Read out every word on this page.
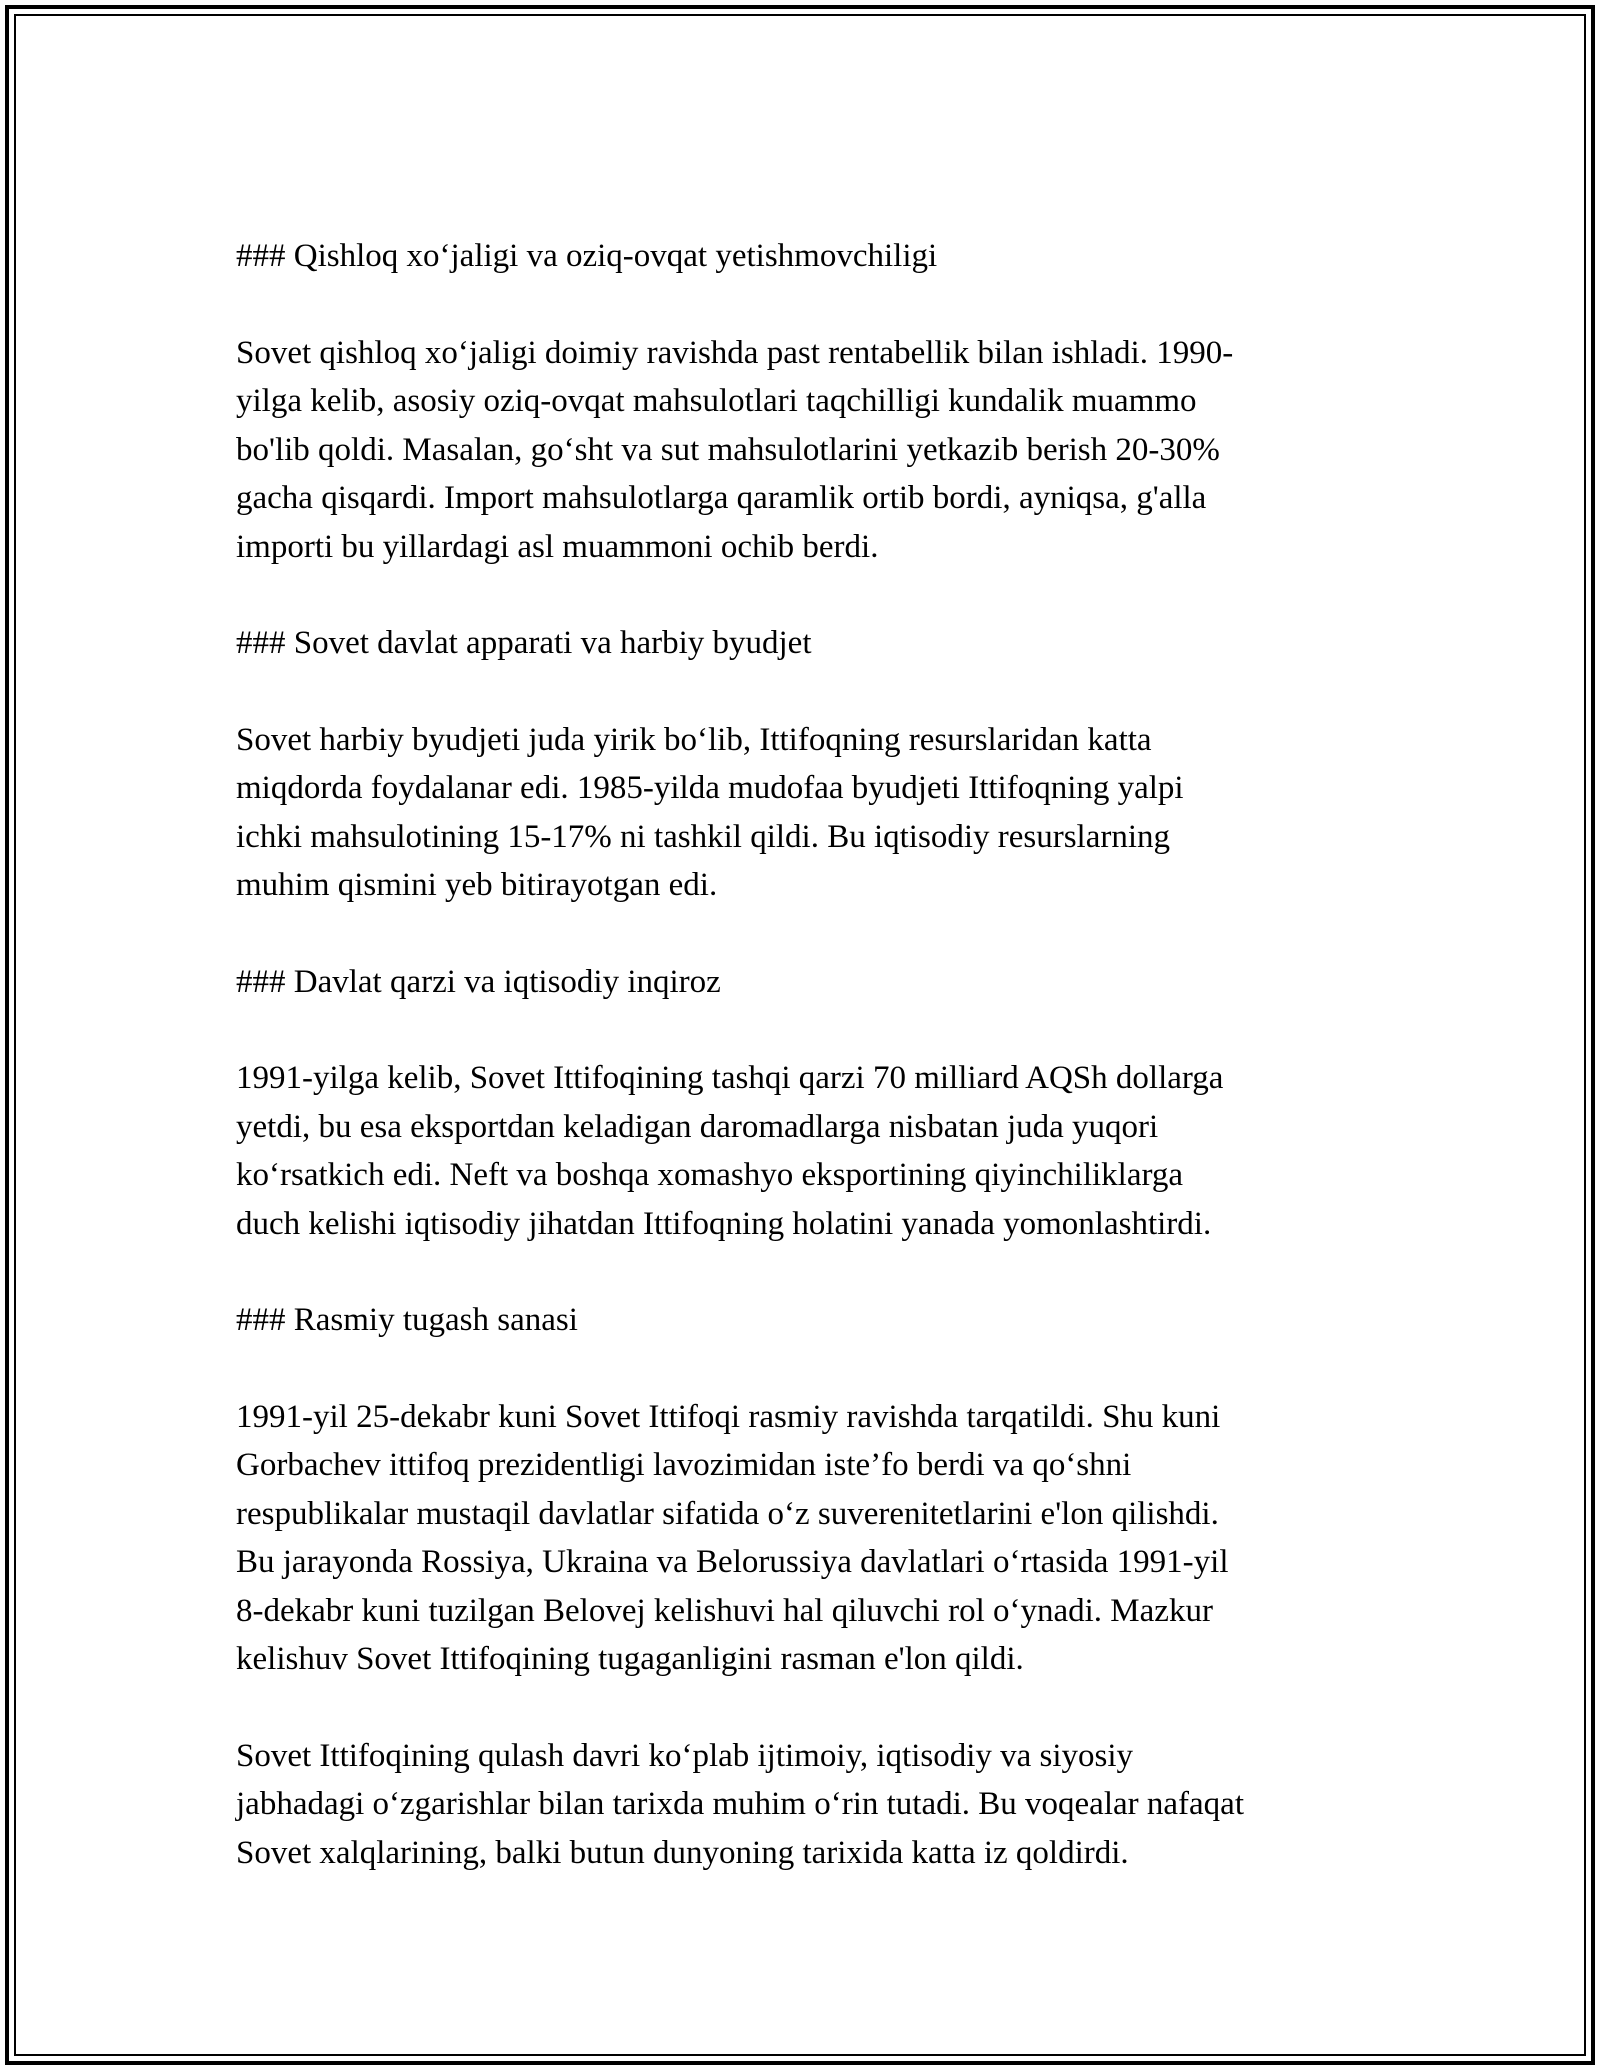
### Qishloq xo‘jaligi va oziq-ovqat yetishmovchiligi
Sovet qishloq xo‘jaligi doimiy ravishda past rentabellik bilan ishladi. 1990-
yilga kelib, asosiy oziq-ovqat mahsulotlari taqchilligi kundalik muammo
bo'lib qoldi. Masalan, go‘sht va sut mahsulotlarini yetkazib berish 20-30%
gacha qisqardi. Import mahsulotlarga qaramlik ortib bordi, ayniqsa, g'alla
importi bu yillardagi asl muammoni ochib berdi.
### Sovet davlat apparati va harbiy byudjet
Sovet harbiy byudjeti juda yirik bo‘lib, Ittifoqning resurslaridan katta
miqdorda foydalanar edi. 1985-yilda mudofaa byudjeti Ittifoqning yalpi
ichki mahsulotining 15-17% ni tashkil qildi. Bu iqtisodiy resurslarning
muhim qismini yeb bitirayotgan edi.
### Davlat qarzi va iqtisodiy inqiroz
1991-yilga kelib, Sovet Ittifoqining tashqi qarzi 70 milliard AQSh dollarga
yetdi, bu esa eksportdan keladigan daromadlarga nisbatan juda yuqori
ko‘rsatkich edi. Neft va boshqa xomashyo eksportining qiyinchiliklarga
duch kelishi iqtisodiy jihatdan Ittifoqning holatini yanada yomonlashtirdi.
### Rasmiy tugash sanasi
1991-yil 25-dekabr kuni Sovet Ittifoqi rasmiy ravishda tarqatildi. Shu kuni
Gorbachev ittifoq prezidentligi lavozimidan iste’fo berdi va qo‘shni
respublikalar mustaqil davlatlar sifatida o‘z suverenitetlarini e'lon qilishdi.
Bu jarayonda Rossiya, Ukraina va Belorussiya davlatlari o‘rtasida 1991-yil
8-dekabr kuni tuzilgan Belovej kelishuvi hal qiluvchi rol o‘ynadi. Mazkur
kelishuv Sovet Ittifoqining tugaganligini rasman e'lon qildi.
Sovet Ittifoqining qulash davri ko‘plab ijtimoiy, iqtisodiy va siyosiy
jabhadagi o‘zgarishlar bilan tarixda muhim o‘rin tutadi. Bu voqealar nafaqat
Sovet xalqlarining, balki butun dunyoning tarixida katta iz qoldirdi.
